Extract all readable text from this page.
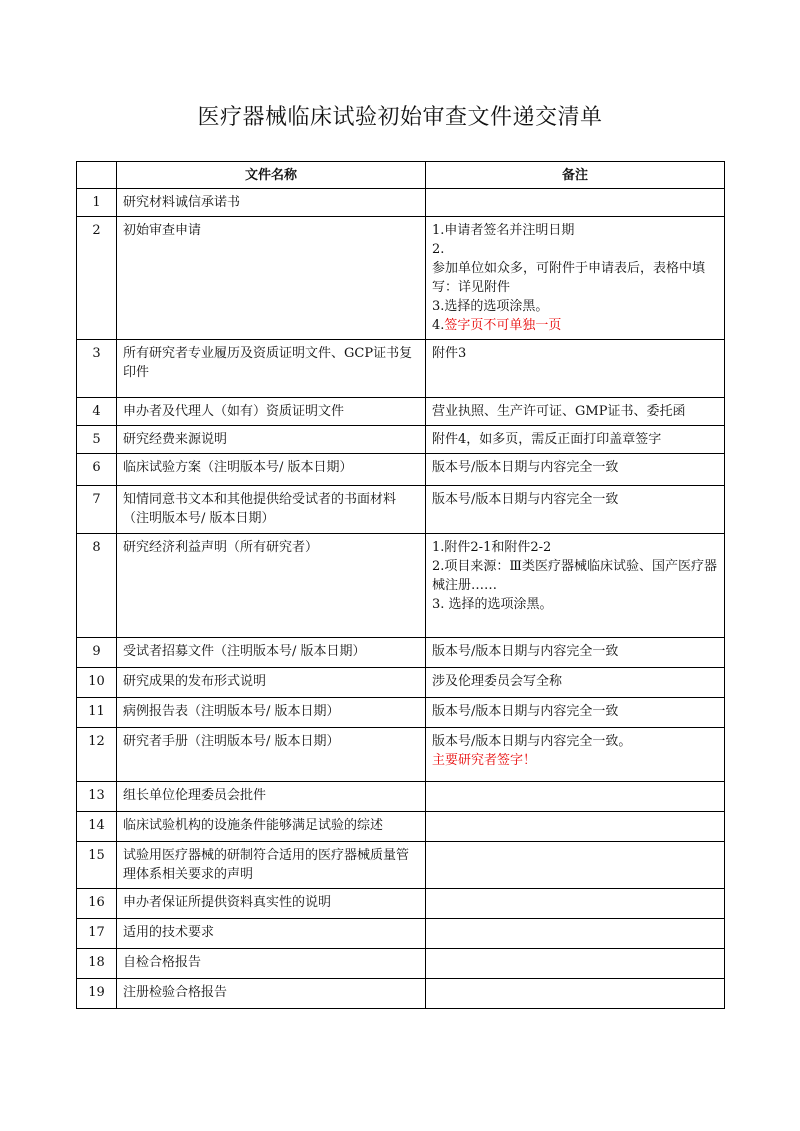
医疗器械临床试验初始审查文件递交清单
	文件名称	备注
1	研究材料诚信承诺书	
2	初始审查申请	1.申请者签名并注明日期
2.
参加单位如众多，可附件于申请表后，表格中填写：详见附件
3.选择的选项涂黑。
4.签字页不可单独一页

3	所有研究者专业履历及资质证明文件、GCP证书复印件	附件3

4	申办者及代理人（如有）资质证明文件	营业执照、生产许可证、GMP证书、委托函

5	研究经费来源说明	附件4，如多页，需反正面打印盖章签字

6	临床试验方案（注明版本号/ 版本日期）	版本号/版本日期与内容完全一致

7	知情同意书文本和其他提供给受试者的书面材料（注明版本号/ 版本日期）	版本号/版本日期与内容完全一致

8	研究经济利益声明（所有研究者）	1.附件2-1和附件2-2
2.项目来源：Ⅲ类医疗器械临床试验、国产医疗器械注册……
3. 选择的选项涂黑。

9	受试者招募文件（注明版本号/ 版本日期）	版本号/版本日期与内容完全一致

10	研究成果的发布形式说明	涉及伦理委员会写全称

11	病例报告表（注明版本号/ 版本日期）	版本号/版本日期与内容完全一致

12	研究者手册（注明版本号/ 版本日期）	版本号/版本日期与内容完全一致。
主要研究者签字！

13	组长单位伦理委员会批件	
14	临床试验机构的设施条件能够满足试验的综述	
15	试验用医疗器械的研制符合适用的医疗器械质量管理体系相关要求的声明	
16	申办者保证所提供资料真实性的说明	
17	适用的技术要求	
18	自检合格报告	
19	注册检验合格报告	
